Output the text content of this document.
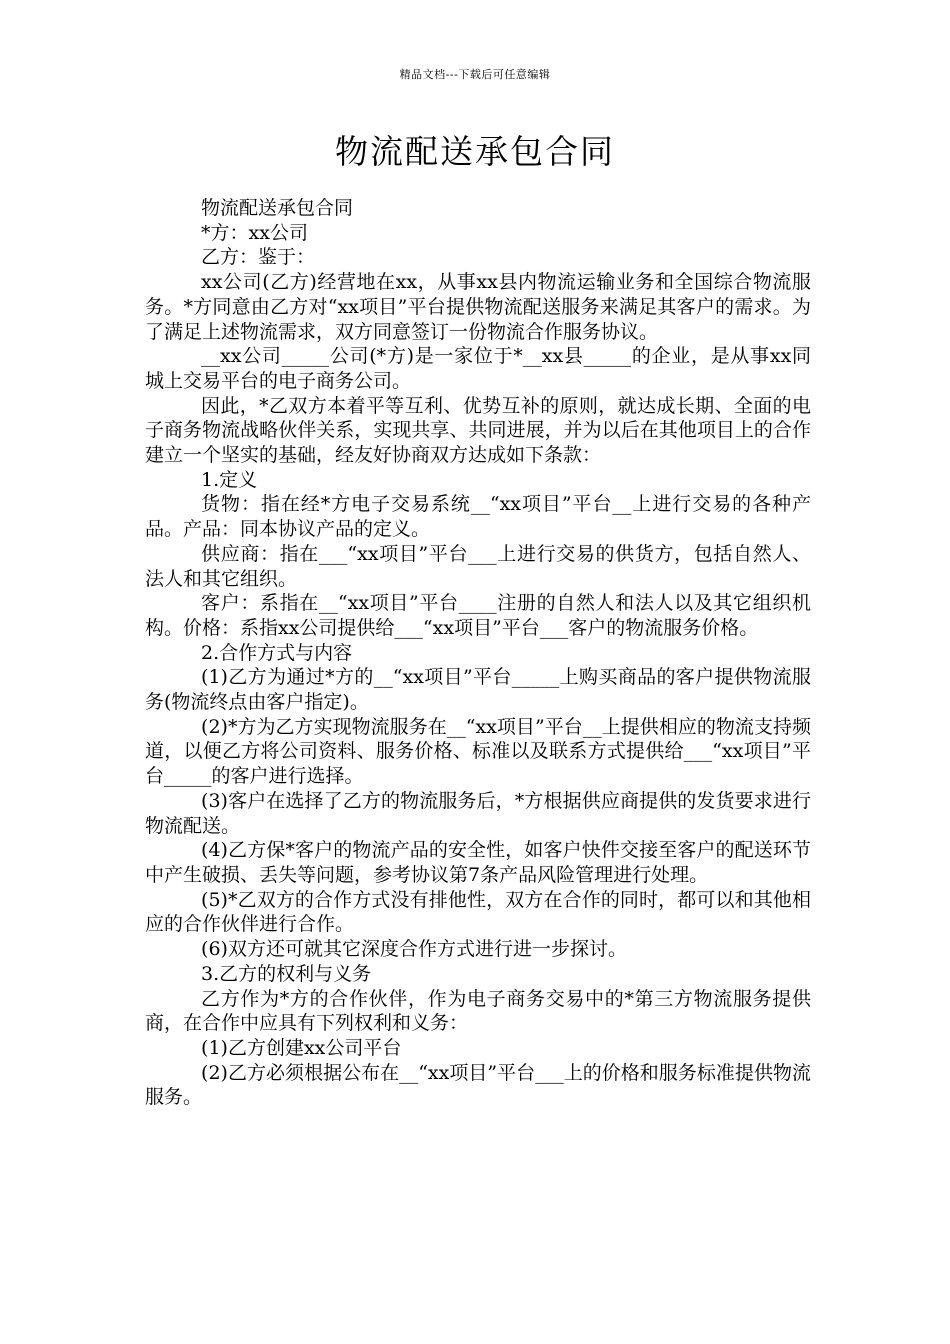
精品文档---下载后可任意编辑
物流配送承包合同

物流配送承包合同

*方：xx公司

乙方：鉴于：

xx公司(乙方)经营地在xx，从事xx县内物流运输业务和全国综合物流服务。*方同意由乙方对“xx项目”平台提供物流配送服务来满足其客户的需求。为了满足上述物流需求，双方同意签订一份物流合作服务协议。

__xx公司_____公司(*方)是一家位于*__xx县_____的企业，是从事xx同城上交易平台的电子商务公司。

因此，*乙双方本着平等互利、优势互补的原则，就达成长期、全面的电子商务物流战略伙伴关系，实现共享、共同进展，并为以后在其他项目上的合作建立一个坚实的基础，经友好协商双方达成如下条款：

1.定义

货物：指在经*方电子交易系统__“xx项目”平台__上进行交易的各种产品。产品：同本协议产品的定义。

供应商：指在___“xx项目”平台___上进行交易的供货方，包括自然人、法人和其它组织。

客户：系指在__“xx项目”平台____注册的自然人和法人以及其它组织机构。价格：系指xx公司提供给___“xx项目”平台___客户的物流服务价格。

2.合作方式与内容

(1)乙方为通过*方的__“xx项目”平台_____上购买商品的客户提供物流服务(物流终点由客户指定)。

(2)*方为乙方实现物流服务在__“xx项目”平台__上提供相应的物流支持频道，以便乙方将公司资料、服务价格、标准以及联系方式提供给___“xx项目”平台_____的客户进行选择。

(3)客户在选择了乙方的物流服务后，*方根据供应商提供的发货要求进行物流配送。

(4)乙方保*客户的物流产品的安全性，如客户快件交接至客户的配送环节中产生破损、丢失等问题，参考协议第7条产品风险管理进行处理。

(5)*乙双方的合作方式没有排他性，双方在合作的同时，都可以和其他相应的合作伙伴进行合作。

(6)双方还可就其它深度合作方式进行进一步探讨。

3.乙方的权利与义务

乙方作为*方的合作伙伴，作为电子商务交易中的*第三方物流服务提供商，在合作中应具有下列权利和义务：

(1)乙方创建xx公司平台

(2)乙方必须根据公布在__“xx项目”平台___上的价格和服务标准提供物流服务。
